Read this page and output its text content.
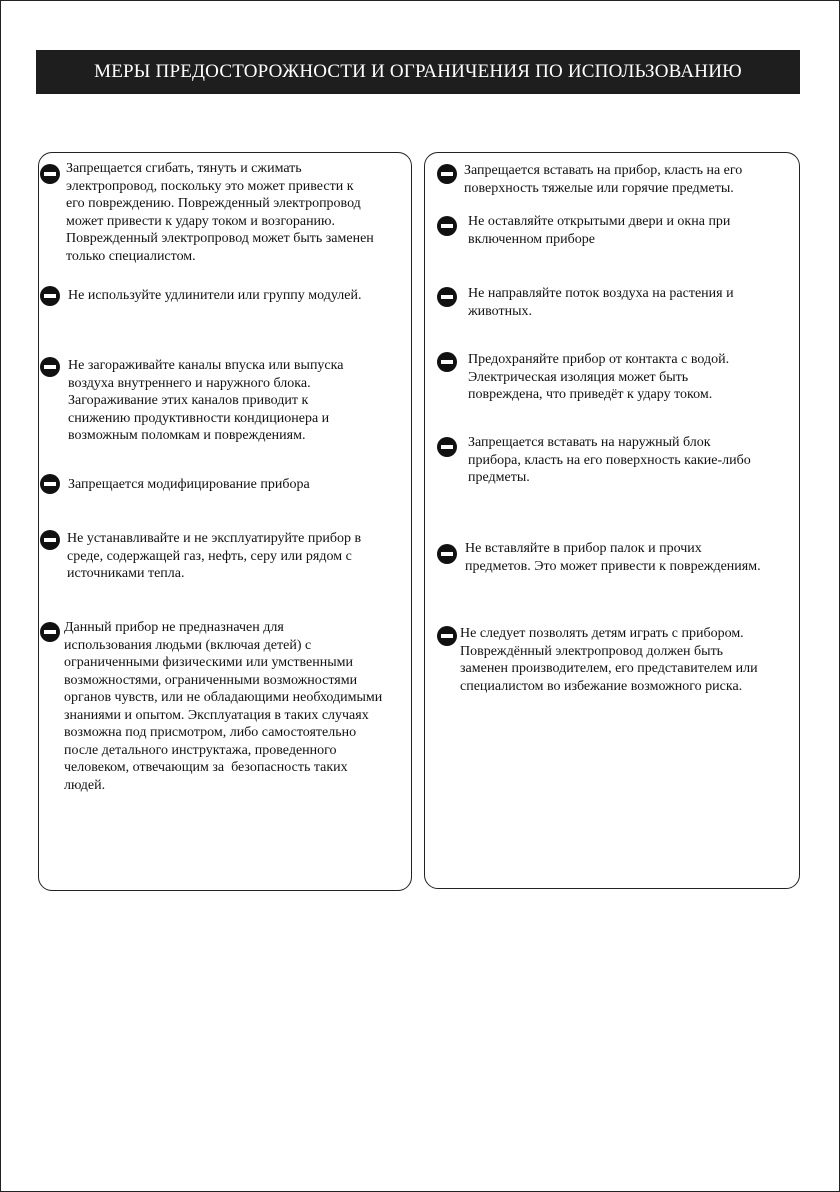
МЕРЫ ПРЕДОСТОРОЖНОСТИ И ОГРАНИЧЕНИЯ ПО ИСПОЛЬЗОВАНИЮ
Запрещается сгибать, тянуть и сжимать
электропровод, поскольку это может привести к
его повреждению. Поврежденный электропровод
может привести к удару током и возгоранию.
Поврежденный электропровод может быть заменен
только специалистом.
Не используйте удлинители или группу модулей.
Не загораживайте каналы впуска или выпуска
воздуха внутреннего и наружного блока.
Загораживание этих каналов приводит к
снижению продуктивности кондиционера и
возможным поломкам и повреждениям.
Запрещается модифицирование прибора
Не устанавливайте и не эксплуатируйте прибор в
среде, содержащей газ, нефть, серу или рядом с
источниками тепла.
Данный прибор не предназначен для
использования людьми (включая детей) с
ограниченными физическими или умственными
возможностями, ограниченными возможностями
органов чувств, или не обладающими необходимыми
знаниями и опытом. Эксплуатация в таких случаях
возможна под присмотром, либо самостоятельно
после детального инструктажа, проведенного
человеком, отвечающим за  безопасность таких
людей.
Запрещается вставать на прибор, класть на его
поверхность тяжелые или горячие предметы.
Не оставляйте открытыми двери и окна при
включенном приборе
Не направляйте поток воздуха на растения и
животных.
Предохраняйте прибор от контакта с водой.
Электрическая изоляция может быть
повреждена, что приведёт к удару током.
Запрещается вставать на наружный блок
прибора, класть на его поверхность какие-либо
предметы.
Не вставляйте в прибор палок и прочих
предметов. Это может привести к повреждениям.
Не следует позволять детям играть с прибором.
Повреждённый электропровод должен быть
заменен производителем, его представителем или
специалистом во избежание возможного риска.
